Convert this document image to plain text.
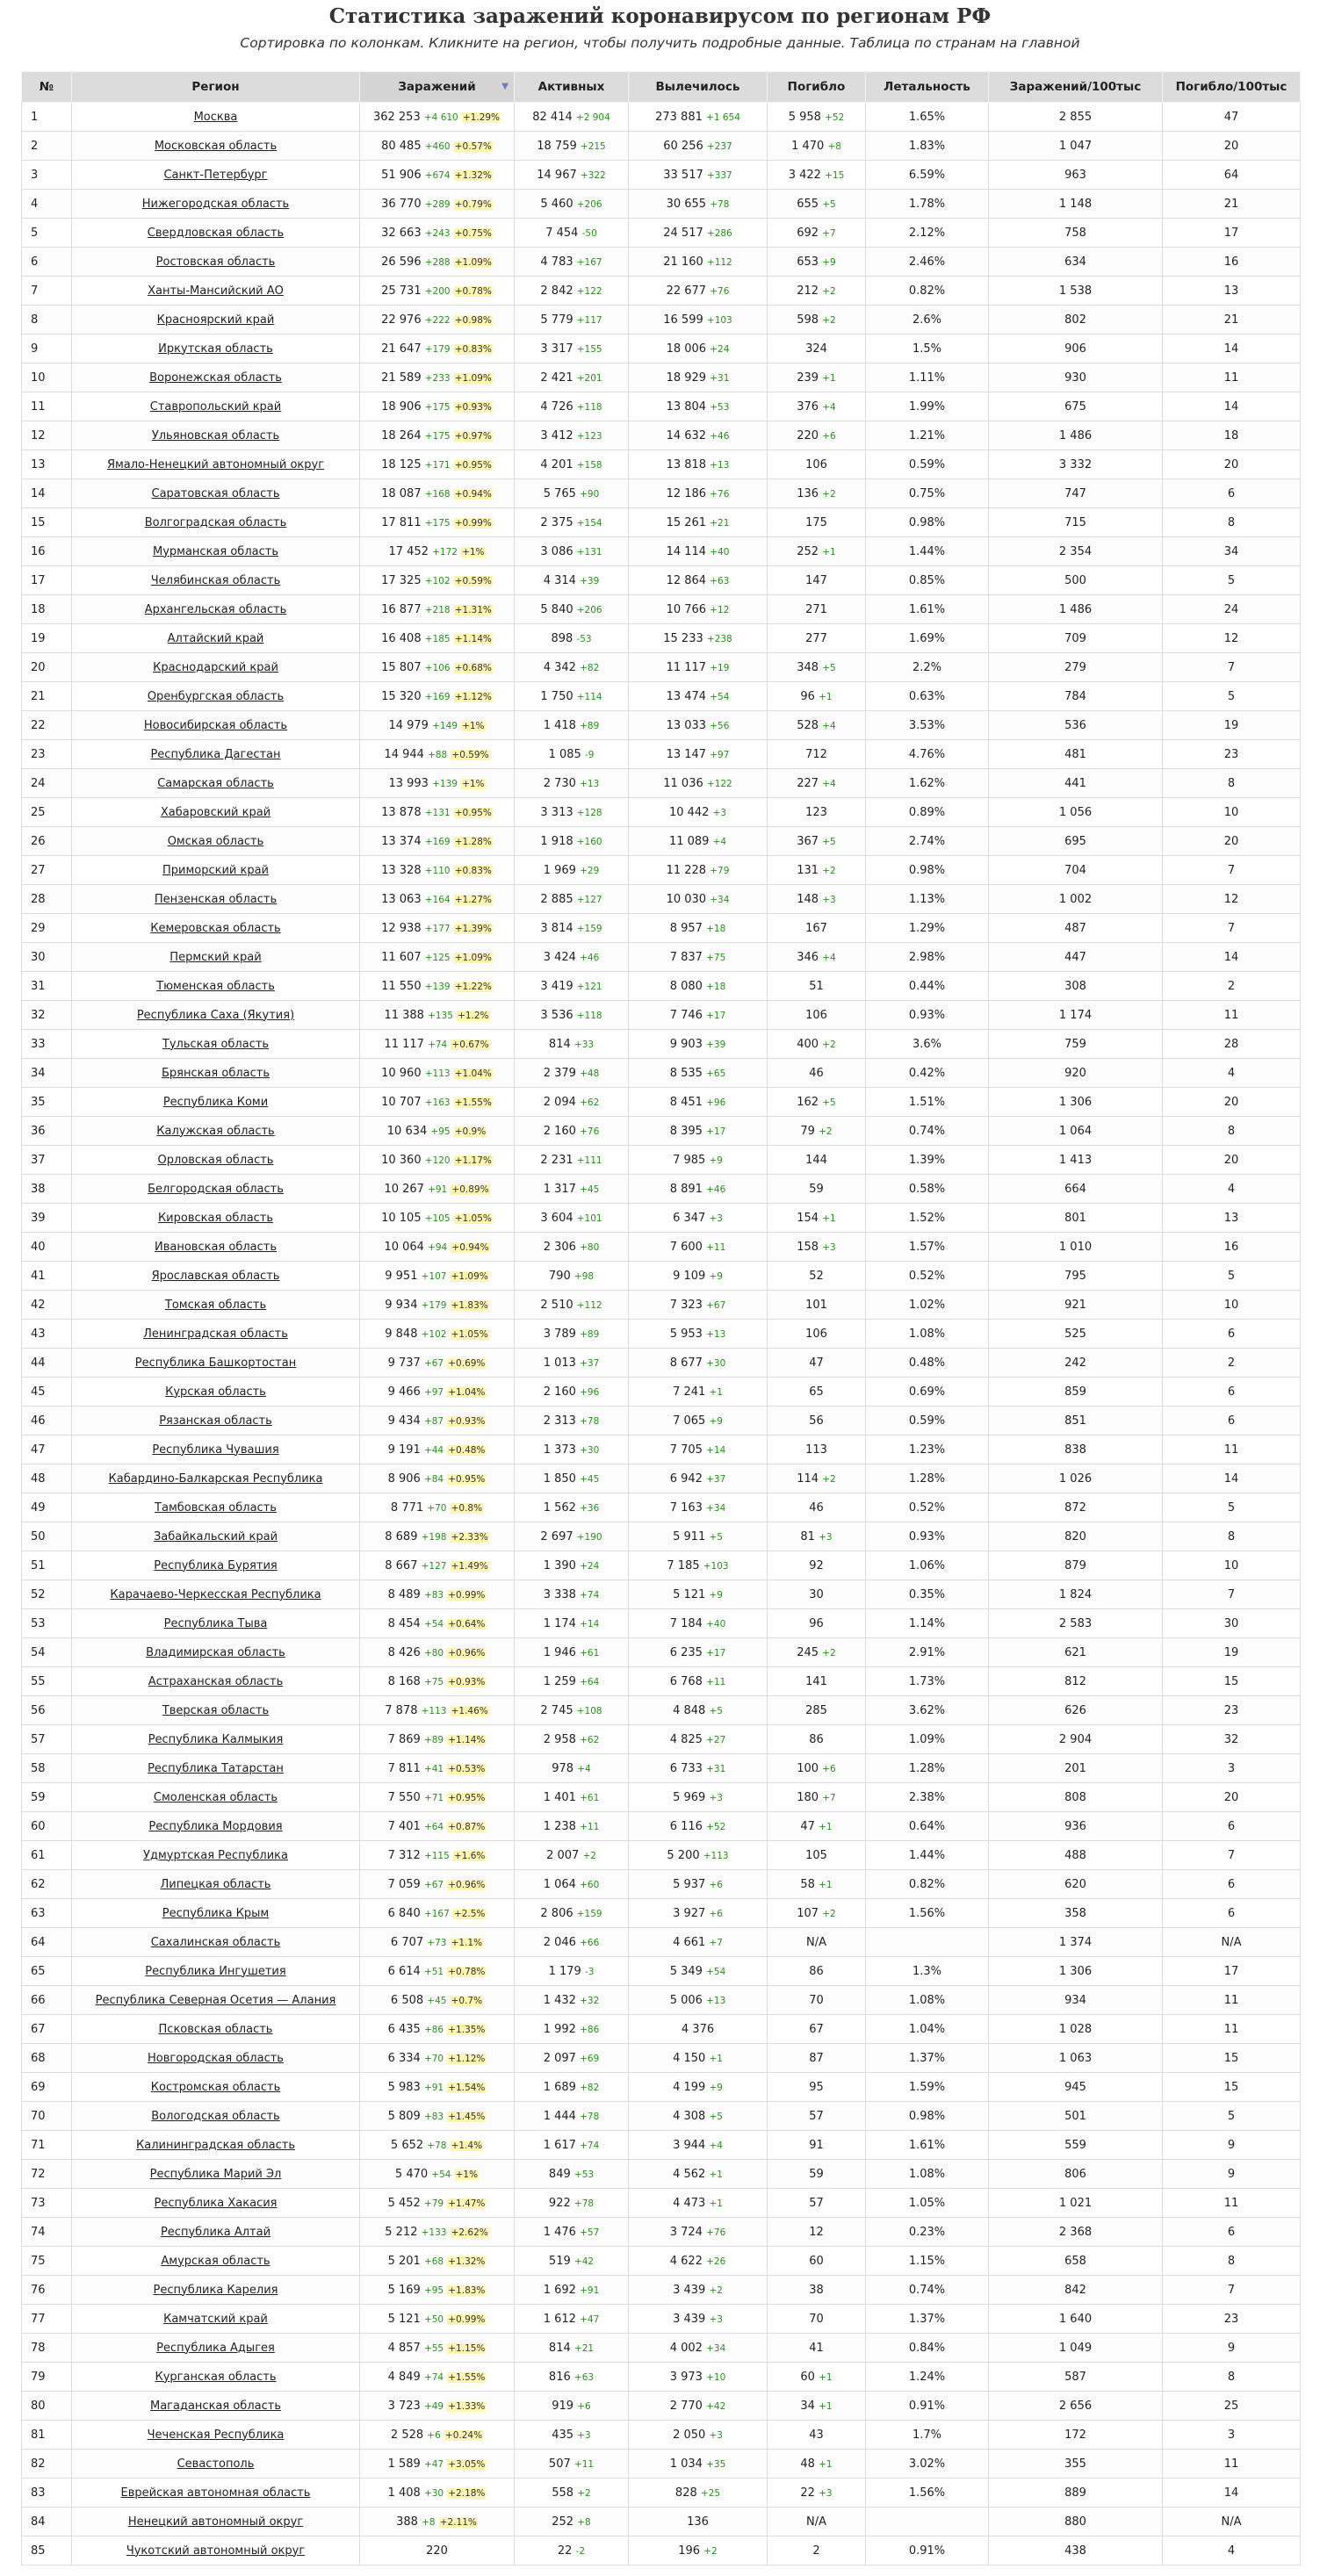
Статистика заражений коронавирусом по регионам РФ
Сортировка по колонкам. Кликните на регион, чтобы получить подробные данные. Таблица по странам на главной
№	Регион	Заражений ▼	Активных	Вылечилось	Погибло	Летальность	Заражений/100тыс	Погибло/100тыс
1	Москва	362 253 +4 610 +1.29%	82 414 +2 904	273 881 +1 654	5 958 +52	1.65%	2 855	47
2	Московская область	80 485 +460 +0.57%	18 759 +215	60 256 +237	1 470 +8	1.83%	1 047	20
3	Санкт-Петербург	51 906 +674 +1.32%	14 967 +322	33 517 +337	3 422 +15	6.59%	963	64
4	Нижегородская область	36 770 +289 +0.79%	5 460 +206	30 655 +78	655 +5	1.78%	1 148	21
5	Свердловская область	32 663 +243 +0.75%	7 454 -50	24 517 +286	692 +7	2.12%	758	17
6	Ростовская область	26 596 +288 +1.09%	4 783 +167	21 160 +112	653 +9	2.46%	634	16
7	Ханты-Мансийский АО	25 731 +200 +0.78%	2 842 +122	22 677 +76	212 +2	0.82%	1 538	13
8	Красноярский край	22 976 +222 +0.98%	5 779 +117	16 599 +103	598 +2	2.6%	802	21
9	Иркутская область	21 647 +179 +0.83%	3 317 +155	18 006 +24	324	1.5%	906	14
10	Воронежская область	21 589 +233 +1.09%	2 421 +201	18 929 +31	239 +1	1.11%	930	11
11	Ставропольский край	18 906 +175 +0.93%	4 726 +118	13 804 +53	376 +4	1.99%	675	14
12	Ульяновская область	18 264 +175 +0.97%	3 412 +123	14 632 +46	220 +6	1.21%	1 486	18
13	Ямало-Ненецкий автономный округ	18 125 +171 +0.95%	4 201 +158	13 818 +13	106	0.59%	3 332	20
14	Саратовская область	18 087 +168 +0.94%	5 765 +90	12 186 +76	136 +2	0.75%	747	6
15	Волгоградская область	17 811 +175 +0.99%	2 375 +154	15 261 +21	175	0.98%	715	8
16	Мурманская область	17 452 +172 +1%	3 086 +131	14 114 +40	252 +1	1.44%	2 354	34
17	Челябинская область	17 325 +102 +0.59%	4 314 +39	12 864 +63	147	0.85%	500	5
18	Архангельская область	16 877 +218 +1.31%	5 840 +206	10 766 +12	271	1.61%	1 486	24
19	Алтайский край	16 408 +185 +1.14%	898 -53	15 233 +238	277	1.69%	709	12
20	Краснодарский край	15 807 +106 +0.68%	4 342 +82	11 117 +19	348 +5	2.2%	279	7
21	Оренбургская область	15 320 +169 +1.12%	1 750 +114	13 474 +54	96 +1	0.63%	784	5
22	Новосибирская область	14 979 +149 +1%	1 418 +89	13 033 +56	528 +4	3.53%	536	19
23	Республика Дагестан	14 944 +88 +0.59%	1 085 -9	13 147 +97	712	4.76%	481	23
24	Самарская область	13 993 +139 +1%	2 730 +13	11 036 +122	227 +4	1.62%	441	8
25	Хабаровский край	13 878 +131 +0.95%	3 313 +128	10 442 +3	123	0.89%	1 056	10
26	Омская область	13 374 +169 +1.28%	1 918 +160	11 089 +4	367 +5	2.74%	695	20
27	Приморский край	13 328 +110 +0.83%	1 969 +29	11 228 +79	131 +2	0.98%	704	7
28	Пензенская область	13 063 +164 +1.27%	2 885 +127	10 030 +34	148 +3	1.13%	1 002	12
29	Кемеровская область	12 938 +177 +1.39%	3 814 +159	8 957 +18	167	1.29%	487	7
30	Пермский край	11 607 +125 +1.09%	3 424 +46	7 837 +75	346 +4	2.98%	447	14
31	Тюменская область	11 550 +139 +1.22%	3 419 +121	8 080 +18	51	0.44%	308	2
32	Республика Саха (Якутия)	11 388 +135 +1.2%	3 536 +118	7 746 +17	106	0.93%	1 174	11
33	Тульская область	11 117 +74 +0.67%	814 +33	9 903 +39	400 +2	3.6%	759	28
34	Брянская область	10 960 +113 +1.04%	2 379 +48	8 535 +65	46	0.42%	920	4
35	Республика Коми	10 707 +163 +1.55%	2 094 +62	8 451 +96	162 +5	1.51%	1 306	20
36	Калужская область	10 634 +95 +0.9%	2 160 +76	8 395 +17	79 +2	0.74%	1 064	8
37	Орловская область	10 360 +120 +1.17%	2 231 +111	7 985 +9	144	1.39%	1 413	20
38	Белгородская область	10 267 +91 +0.89%	1 317 +45	8 891 +46	59	0.58%	664	4
39	Кировская область	10 105 +105 +1.05%	3 604 +101	6 347 +3	154 +1	1.52%	801	13
40	Ивановская область	10 064 +94 +0.94%	2 306 +80	7 600 +11	158 +3	1.57%	1 010	16
41	Ярославская область	9 951 +107 +1.09%	790 +98	9 109 +9	52	0.52%	795	5
42	Томская область	9 934 +179 +1.83%	2 510 +112	7 323 +67	101	1.02%	921	10
43	Ленинградская область	9 848 +102 +1.05%	3 789 +89	5 953 +13	106	1.08%	525	6
44	Республика Башкортостан	9 737 +67 +0.69%	1 013 +37	8 677 +30	47	0.48%	242	2
45	Курская область	9 466 +97 +1.04%	2 160 +96	7 241 +1	65	0.69%	859	6
46	Рязанская область	9 434 +87 +0.93%	2 313 +78	7 065 +9	56	0.59%	851	6
47	Республика Чувашия	9 191 +44 +0.48%	1 373 +30	7 705 +14	113	1.23%	838	11
48	Кабардино-Балкарская Республика	8 906 +84 +0.95%	1 850 +45	6 942 +37	114 +2	1.28%	1 026	14
49	Тамбовская область	8 771 +70 +0.8%	1 562 +36	7 163 +34	46	0.52%	872	5
50	Забайкальский край	8 689 +198 +2.33%	2 697 +190	5 911 +5	81 +3	0.93%	820	8
51	Республика Бурятия	8 667 +127 +1.49%	1 390 +24	7 185 +103	92	1.06%	879	10
52	Карачаево-Черкесская Республика	8 489 +83 +0.99%	3 338 +74	5 121 +9	30	0.35%	1 824	7
53	Республика Тыва	8 454 +54 +0.64%	1 174 +14	7 184 +40	96	1.14%	2 583	30
54	Владимирская область	8 426 +80 +0.96%	1 946 +61	6 235 +17	245 +2	2.91%	621	19
55	Астраханская область	8 168 +75 +0.93%	1 259 +64	6 768 +11	141	1.73%	812	15
56	Тверская область	7 878 +113 +1.46%	2 745 +108	4 848 +5	285	3.62%	626	23
57	Республика Калмыкия	7 869 +89 +1.14%	2 958 +62	4 825 +27	86	1.09%	2 904	32
58	Республика Татарстан	7 811 +41 +0.53%	978 +4	6 733 +31	100 +6	1.28%	201	3
59	Смоленская область	7 550 +71 +0.95%	1 401 +61	5 969 +3	180 +7	2.38%	808	20
60	Республика Мордовия	7 401 +64 +0.87%	1 238 +11	6 116 +52	47 +1	0.64%	936	6
61	Удмуртская Республика	7 312 +115 +1.6%	2 007 +2	5 200 +113	105	1.44%	488	7
62	Липецкая область	7 059 +67 +0.96%	1 064 +60	5 937 +6	58 +1	0.82%	620	6
63	Республика Крым	6 840 +167 +2.5%	2 806 +159	3 927 +6	107 +2	1.56%	358	6
64	Сахалинская область	6 707 +73 +1.1%	2 046 +66	4 661 +7	N/A		1 374	N/A
65	Республика Ингушетия	6 614 +51 +0.78%	1 179 -3	5 349 +54	86	1.3%	1 306	17
66	Республика Северная Осетия — Алания	6 508 +45 +0.7%	1 432 +32	5 006 +13	70	1.08%	934	11
67	Псковская область	6 435 +86 +1.35%	1 992 +86	4 376	67	1.04%	1 028	11
68	Новгородская область	6 334 +70 +1.12%	2 097 +69	4 150 +1	87	1.37%	1 063	15
69	Костромская область	5 983 +91 +1.54%	1 689 +82	4 199 +9	95	1.59%	945	15
70	Вологодская область	5 809 +83 +1.45%	1 444 +78	4 308 +5	57	0.98%	501	5
71	Калининградская область	5 652 +78 +1.4%	1 617 +74	3 944 +4	91	1.61%	559	9
72	Республика Марий Эл	5 470 +54 +1%	849 +53	4 562 +1	59	1.08%	806	9
73	Республика Хакасия	5 452 +79 +1.47%	922 +78	4 473 +1	57	1.05%	1 021	11
74	Республика Алтай	5 212 +133 +2.62%	1 476 +57	3 724 +76	12	0.23%	2 368	6
75	Амурская область	5 201 +68 +1.32%	519 +42	4 622 +26	60	1.15%	658	8
76	Республика Карелия	5 169 +95 +1.83%	1 692 +91	3 439 +2	38	0.74%	842	7
77	Камчатский край	5 121 +50 +0.99%	1 612 +47	3 439 +3	70	1.37%	1 640	23
78	Республика Адыгея	4 857 +55 +1.15%	814 +21	4 002 +34	41	0.84%	1 049	9
79	Курганская область	4 849 +74 +1.55%	816 +63	3 973 +10	60 +1	1.24%	587	8
80	Магаданская область	3 723 +49 +1.33%	919 +6	2 770 +42	34 +1	0.91%	2 656	25
81	Чеченская Республика	2 528 +6 +0.24%	435 +3	2 050 +3	43	1.7%	172	3
82	Севастополь	1 589 +47 +3.05%	507 +11	1 034 +35	48 +1	3.02%	355	11
83	Еврейская автономная область	1 408 +30 +2.18%	558 +2	828 +25	22 +3	1.56%	889	14
84	Ненецкий автономный округ	388 +8 +2.11%	252 +8	136	N/A		880	N/A
85	Чукотский автономный округ	220	22 -2	196 +2	2	0.91%	438	4
